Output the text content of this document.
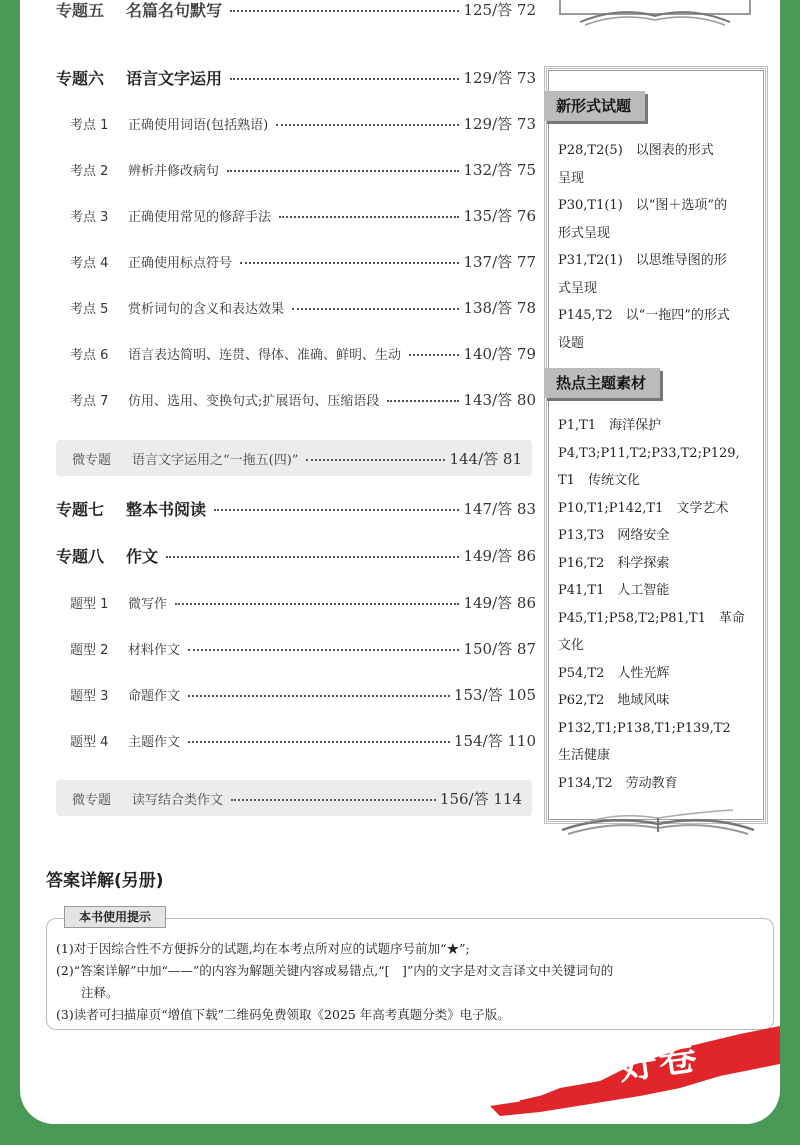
专题五	名篇名句默写	125/答 72
专题六	语言文字运用	129/答 73
考点 1	正确使用词语(包括熟语)	129/答 73
考点 2	辨析并修改病句	132/答 75
考点 3	正确使用常见的修辞手法	135/答 76
考点 4	正确使用标点符号	137/答 77
考点 5	赏析词句的含义和表达效果	138/答 78
考点 6	语言表达简明、连贯、得体、准确、鲜明、生动	140/答 79
考点 7	仿用、选用、变换句式;扩展语句、压缩语段	143/答 80
微专题	语言文字运用之“一拖五(四)”	144/答 81
专题七	整本书阅读	147/答 83
专题八	作文	149/答 86
题型 1	微写作	149/答 86
题型 2	材料作文	150/答 87
题型 3	命题作文	153/答 105
题型 4	主题作文	154/答 110
微专题	读写结合类作文	156/答 114
新形式试题
P28,T2(5)　以图表的形式
呈现
P30,T1(1)　以“图＋选项”的
形式呈现
P31,T2(1)　以思维导图的形
式呈现
P145,T2　以“一拖四”的形式
设题
热点主题素材
P1,T1　海洋保护
P4,T3;P11,T2;P33,T2;P129,
T1　传统文化
P10,T1;P142,T1　文学艺术
P13,T3　网络安全
P16,T2　科学探索
P41,T1　人工智能
P45,T1;P58,T2;P81,T1　革命
文化
P54,T2　人性光辉
P62,T2　地域风味
P132,T1;P138,T1;P139,T2
生活健康
P134,T2　劳动教育
答案详解(另册)
本书使用提示
(1)对于因综合性不方便拆分的试题,均在本考点所对应的试题序号前加“★”;
(2)“答案详解”中加“——”的内容为解题关键内容或易错点,“[　]”内的文字是对文言译文中关键词句的
　　注释。
(3)读者可扫描扉页“增值下载”二维码免费领取《2025 年高考真题分类》电子版。
好卷
